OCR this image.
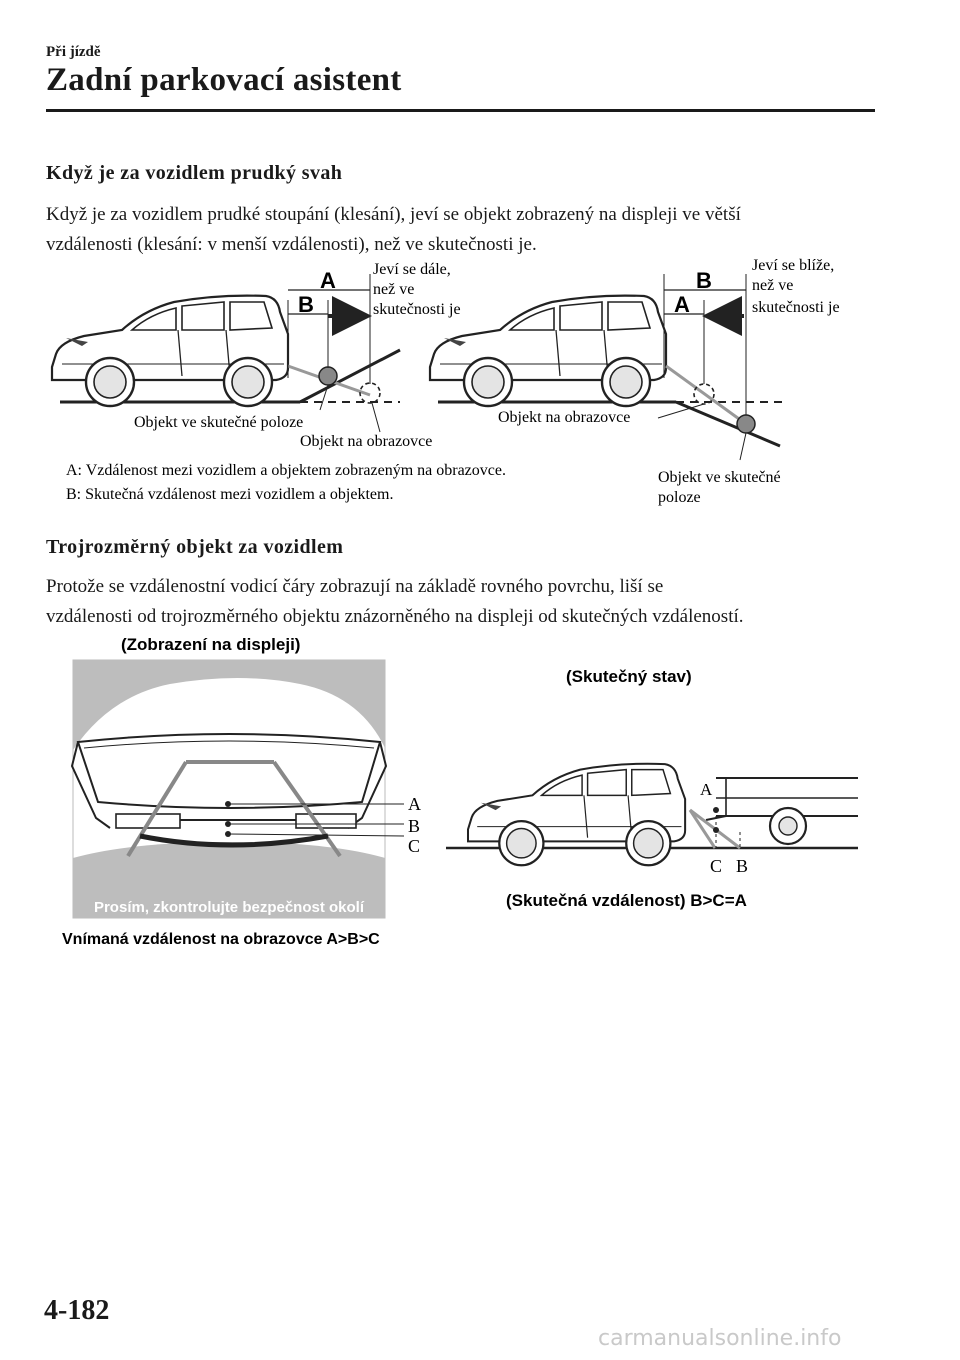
Při jízdě
Zadní parkovací asistent
Když je za vozidlem prudký svah
Když je za vozidlem prudké stoupání (klesání), jeví se objekt zobrazený na displeji ve větší
vzdálenosti (klesání: v menší vzdálenosti), než ve skutečnosti je.
A
B
Jeví se dále,
než ve
skutečnosti je
Objekt ve skutečné poloze
Objekt na obrazovce
B
A
Jeví se blíže,
než ve
skutečnosti je
Objekt na obrazovce
Objekt ve skutečné
poloze
A: Vzdálenost mezi vozidlem a objektem zobrazeným na obrazovce.
B: Skutečná vzdálenost mezi vozidlem a objektem.
Trojrozměrný objekt za vozidlem
Protože se vzdálenostní vodicí čáry zobrazují na základě rovného povrchu, liší se
vzdálenosti od trojrozměrného objektu znázorněného na displeji od skutečných vzdáleností.
(Zobrazení na displeji)
Prosím, zkontrolujte bezpečnost okolí
A
B
C
Vnímaná vzdálenost na obrazovce A>B>C
(Skutečný stav)
A
C B
(Skutečná vzdálenost) B>C=A
4-182
carmanualsonline.info
